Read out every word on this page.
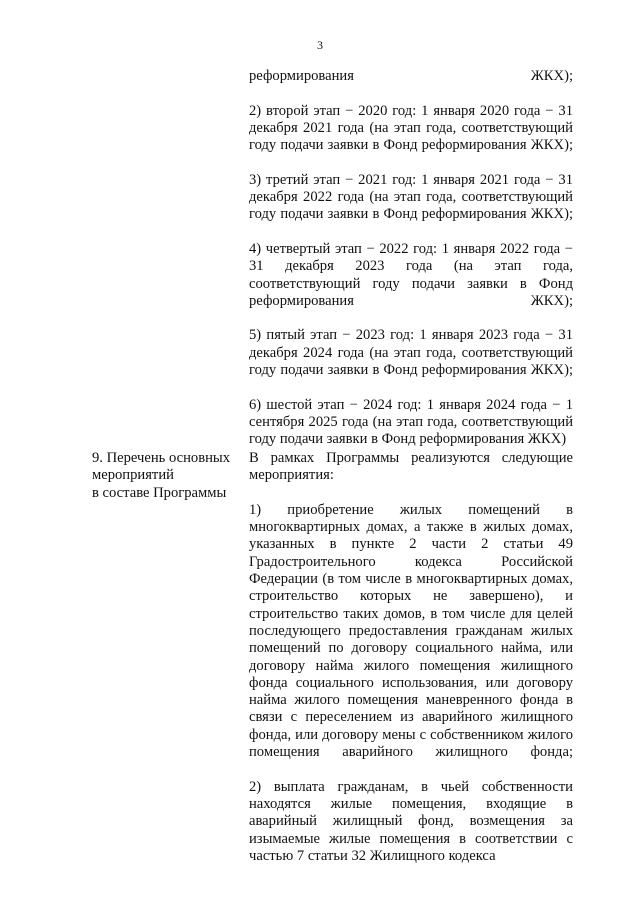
3
реформирования ЖКХ);
2) второй этап − 2020 год: 1 января 2020 года − 31 декабря 2021 года (на этап года, соответствующий году подачи заявки в Фонд реформирования ЖКХ);
3) третий этап − 2021 год: 1 января 2021 года − 31 декабря 2022 года (на этап года, соответствующий году подачи заявки в Фонд реформирования ЖКХ);
4) четвертый этап − 2022 год: 1 января 2022 года − 31 декабря 2023 года (на этап года, соответствующий году подачи заявки в Фонд реформирования ЖКХ);
5) пятый этап − 2023 год: 1 января 2023 года − 31 декабря 2024 года (на этап года, соответствующий году подачи заявки в Фонд реформирования ЖКХ);
6) шестой этап − 2024 год: 1 января 2024 года − 1 сентября 2025 года (на этап года, соответствующий году подачи заявки в Фонд реформирования ЖКХ)
9. Перечень основных
мероприятий
в составе Программы
В рамках Программы реализуются следующие мероприятия:
1) приобретение жилых помещений в многоквартирных домах, а также в жилых домах, указанных в пункте 2 части 2 статьи 49 Градостроительного кодекса Российской Федерации (в том числе в многоквартирных домах, строительство которых не завершено), и строительство таких домов, в том числе для целей последующего предоставления гражданам жилых помещений по договору социального найма, или договору найма жилого помещения жилищного фонда социального использования, или договору найма жилого помещения маневренного фонда в связи с переселением из аварийного жилищного фонда, или договору мены с собственником жилого помещения аварийного жилищного фонда;
2) выплата гражданам, в чьей собственности находятся жилые помещения, входящие в аварийный жилищный фонд, возмещения за изымаемые жилые помещения в соответствии с частью 7 статьи 32 Жилищного кодекса
